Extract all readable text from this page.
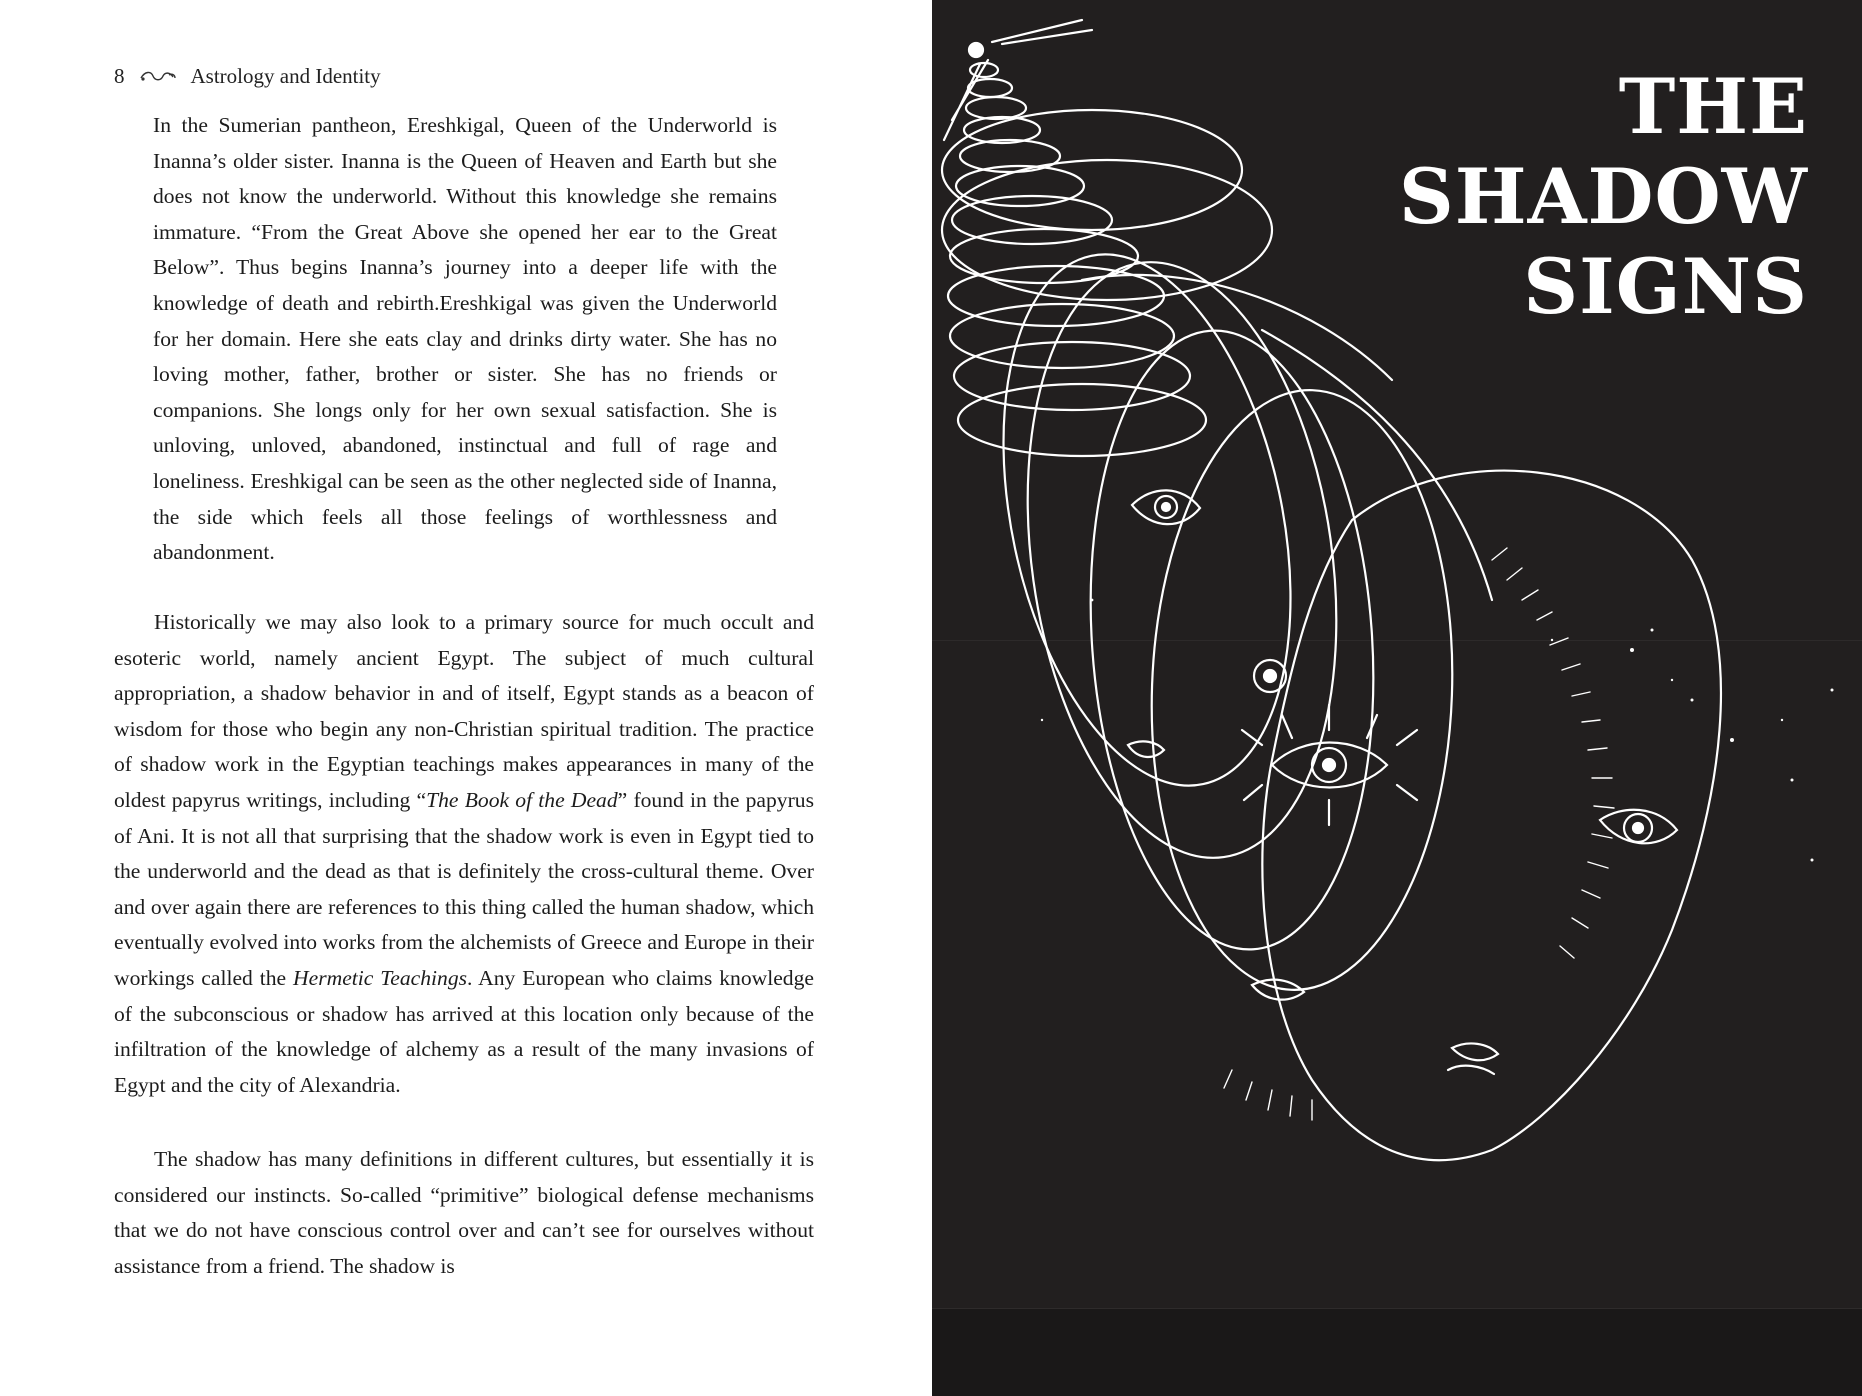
8	Astrology and Identity

In the Sumerian pantheon, Ereshkigal, Queen of the Underworld is Inanna’s older sister. Inanna is the Queen of Heaven and Earth but she does not know the underworld. Without this knowledge she remains immature. “From the Great Above she opened her ear to the Great Below”. Thus begins Inanna’s journey into a deeper life with the knowledge of death and rebirth.Ereshkigal was given the Underworld for her domain. Here she eats clay and drinks dirty water. She has no loving mother, father, brother or sister. She has no friends or companions. She longs only for her own sexual satisfaction. She is unloving, unloved, abandoned, instinctual and full of rage and loneliness. Ereshkigal can be seen as the other neglected side of Inanna, the side which feels all those feelings of worthlessness and abandonment.

Historically we may also look to a primary source for much occult and esoteric world, namely ancient Egypt. The subject of much cultural appropriation, a shadow behavior in and of itself, Egypt stands as a beacon of wisdom for those who begin any non-Christian spiritual tradition. The practice of shadow work in the Egyptian teachings makes appearances in many of the oldest papyrus writings, including “The Book of the Dead” found in the papyrus of Ani. It is not all that surprising that the shadow work is even in Egypt tied to the underworld and the dead as that is definitely the cross-cultural theme. Over and over again there are references to this thing called the human shadow, which eventually evolved into works from the alchemists of Greece and Europe in their workings called the Hermetic Teachings. Any European who claims knowledge of the subconscious or shadow has arrived at this location only because of the infiltration of the knowledge of alchemy as a result of the many invasions of Egypt and the city of Alexandria.

The shadow has many definitions in different cultures, but essentially it is considered our instincts. So-called “primitive” biological defense mechanisms that we do not have conscious control over and can’t see for ourselves without assistance from a friend. The shadow is

THE
SHADOW
SIGNS
